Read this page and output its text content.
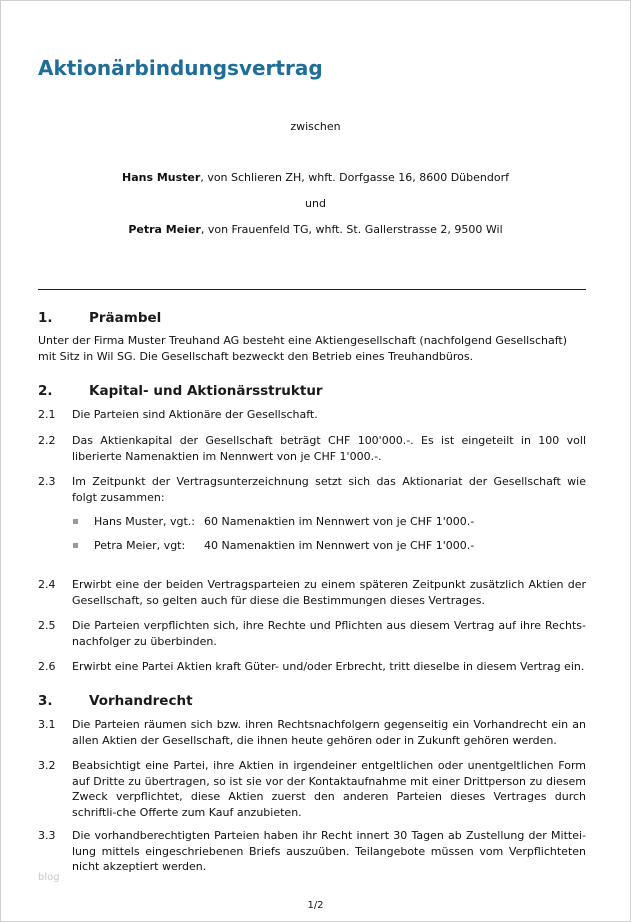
Aktionärbindungsvertrag
zwischen
Hans Muster, von Schlieren ZH, whft. Dorfgasse 16, 8600 Dübendorf
und
Petra Meier, von Frauenfeld TG, whft. St. Gallerstrasse 2, 9500 Wil
1.	Präambel
Unter der Firma Muster Treuhand AG besteht eine Aktiengesellschaft (nachfolgend Gesellschaft) mit Sitz in Wil SG. Die Gesellschaft bezweckt den Betrieb eines Treuhandbüros.
2.	Kapital- und Aktionärsstruktur
2.1	Die Parteien sind Aktionäre der Gesellschaft.
2.2	Das Aktienkapital der Gesellschaft beträgt CHF 100'000.-. Es ist eingeteilt in 100 voll liberierte Namenaktien im Nennwert von je CHF 1'000.-.
2.3	Im Zeitpunkt der Vertragsunterzeichnung setzt sich das Aktionariat der Gesellschaft wie folgt zusammen:
Hans Muster, vgt.: 60 Namenaktien im Nennwert von je CHF 1'000.-
Petra Meier, vgt: 40 Namenaktien im Nennwert von je CHF 1'000.-
2.4	Erwirbt eine der beiden Vertragsparteien zu einem späteren Zeitpunkt zusätzlich Aktien der Gesellschaft, so gelten auch für diese die Bestimmungen dieses Vertrages.
2.5	Die Parteien verpflichten sich, ihre Rechte und Pflichten aus diesem Vertrag auf ihre Rechts-nachfolger zu überbinden.
2.6	Erwirbt eine Partei Aktien kraft Güter- und/oder Erbrecht, tritt dieselbe in diesem Vertrag ein.
3.	Vorhandrecht
3.1	Die Parteien räumen sich bzw. ihren Rechtsnachfolgern gegenseitig ein Vorhandrecht ein an allen Aktien der Gesellschaft, die ihnen heute gehören oder in Zukunft gehören werden.
3.2	Beabsichtigt eine Partei, ihre Aktien in irgendeiner entgeltlichen oder unentgeltlichen Form auf Dritte zu übertragen, so ist sie vor der Kontaktaufnahme mit einer Drittperson zu diesem Zweck verpflichtet, diese Aktien zuerst den anderen Parteien dieses Vertrages durch schriftli-che Offerte zum Kauf anzubieten.
3.3	Die vorhandberechtigten Parteien haben ihr Recht innert 30 Tagen ab Zustellung der Mittei-lung mittels eingeschriebenen Briefs auszuüben. Teilangebote müssen vom Verpflichteten nicht akzeptiert werden.
blog
1/2
